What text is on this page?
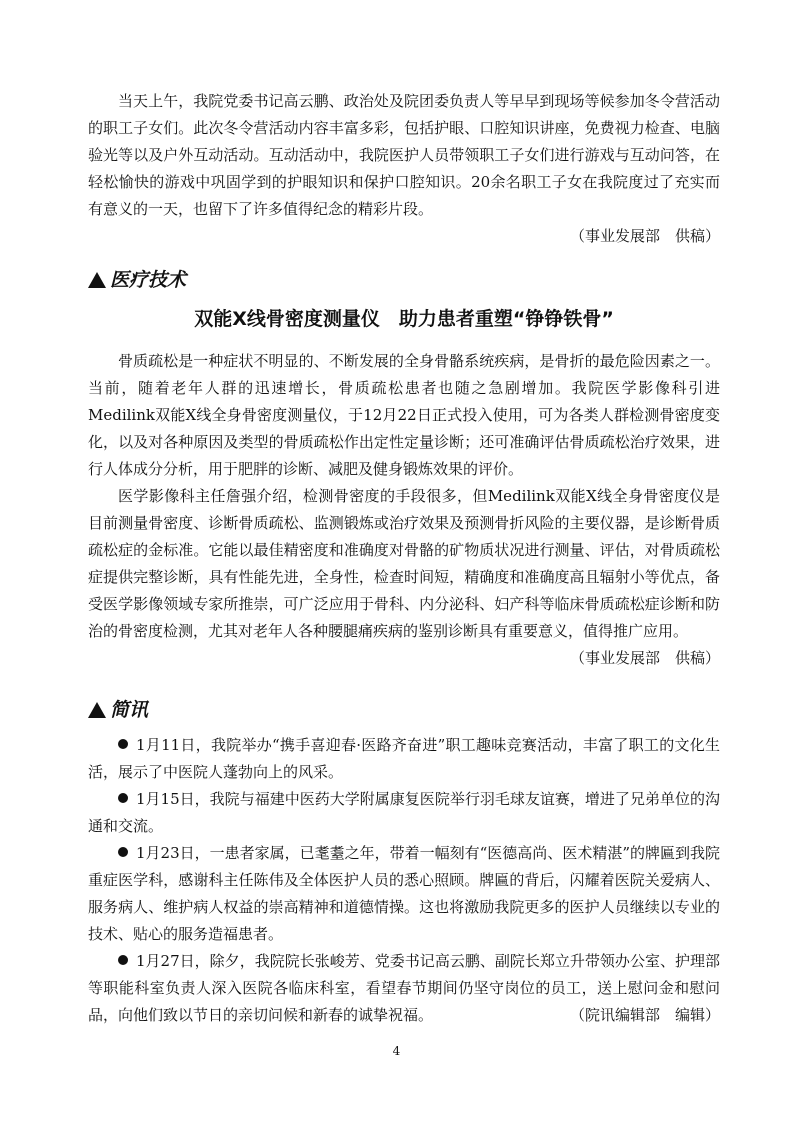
当天上午，我院党委书记高云鹏、政治处及院团委负责人等早早到现场等候参加冬令营活动的职工子女们。此次冬令营活动内容丰富多彩，包括护眼、口腔知识讲座，免费视力检查、电脑验光等以及户外互动活动。互动活动中，我院医护人员带领职工子女们进行游戏与互动问答，在轻松愉快的游戏中巩固学到的护眼知识和保护口腔知识。20余名职工子女在我院度过了充实而有意义的一天，也留下了许多值得纪念的精彩片段。

（事业发展部　供稿）

医疗技术
双能X线骨密度测量仪　助力患者重塑“铮铮铁骨”

骨质疏松是一种症状不明显的、不断发展的全身骨骼系统疾病，是骨折的最危险因素之一。当前，随着老年人群的迅速增长，骨质疏松患者也随之急剧增加。我院医学影像科引进Medilink双能X线全身骨密度测量仪，于12月22日正式投入使用，可为各类人群检测骨密度变化，以及对各种原因及类型的骨质疏松作出定性定量诊断；还可准确评估骨质疏松治疗效果，进行人体成分分析，用于肥胖的诊断、减肥及健身锻炼效果的评价。

医学影像科主任詹强介绍，检测骨密度的手段很多，但Medilink双能X线全身骨密度仪是目前测量骨密度、诊断骨质疏松、监测锻炼或治疗效果及预测骨折风险的主要仪器，是诊断骨质疏松症的金标准。它能以最佳精密度和准确度对骨骼的矿物质状况进行测量、评估，对骨质疏松症提供完整诊断，具有性能先进，全身性，检查时间短，精确度和准确度高且辐射小等优点，备受医学影像领域专家所推崇，可广泛应用于骨科、内分泌科、妇产科等临床骨质疏松症诊断和防治的骨密度检测，尤其对老年人各种腰腿痛疾病的鉴别诊断具有重要意义，值得推广应用。

（事业发展部　供稿）

简讯

1月11日，我院举办“携手喜迎春·医路齐奋进”职工趣味竞赛活动，丰富了职工的文化生活，展示了中医院人蓬勃向上的风采。

1月15日，我院与福建中医药大学附属康复医院举行羽毛球友谊赛，增进了兄弟单位的沟通和交流。

1月23日，一患者家属，已耄耋之年，带着一幅刻有“医德高尚、医术精湛”的牌匾到我院重症医学科，感谢科主任陈伟及全体医护人员的悉心照顾。牌匾的背后，闪耀着医院关爱病人、服务病人、维护病人权益的崇高精神和道德情操。这也将激励我院更多的医护人员继续以专业的技术、贴心的服务造福患者。

1月27日，除夕，我院院长张峻芳、党委书记高云鹏、副院长郑立升带领办公室、护理部等职能科室负责人深入医院各临床科室，看望春节期间仍坚守岗位的员工，送上慰问金和慰问品，向他们致以节日的亲切问候和新春的诚挚祝福。	（院讯编辑部　编辑）

4
